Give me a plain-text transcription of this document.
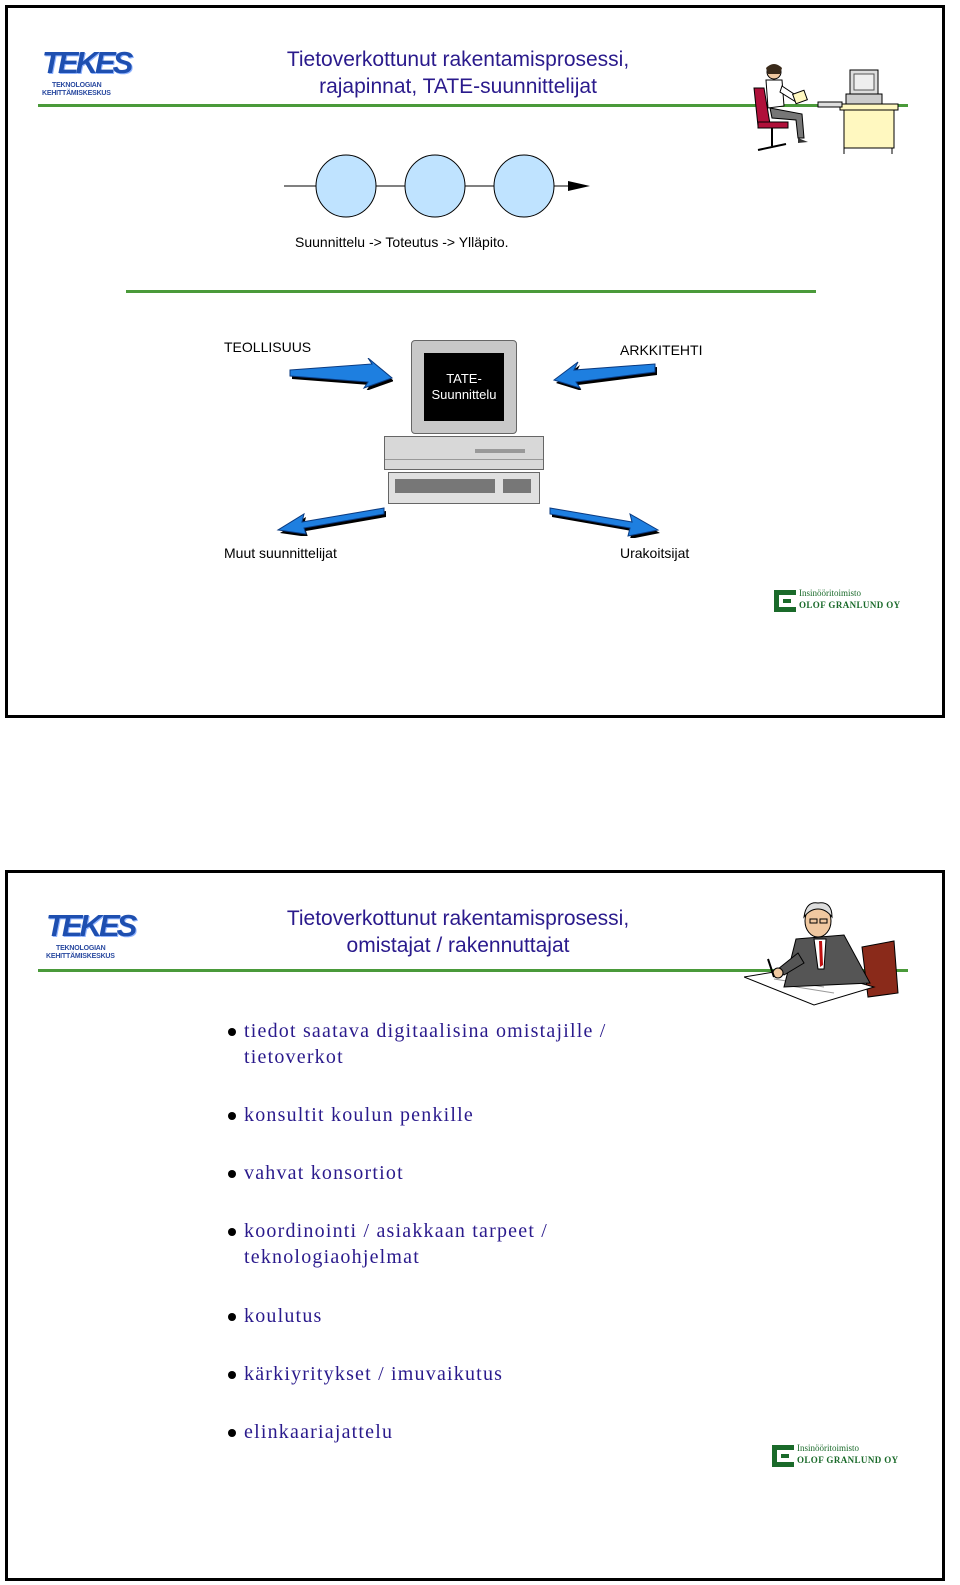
TEKES
TEKNOLOGIAN
KEHITTÄMISKESKUS
Tietoverkottunut rakentamisprosessi,
rajapinnat, TATE-suunnittelijat
Suunnittelu -> Toteutus -> Ylläpito.
TEOLLISUUS	ARKKITEHTI
Muut suunnittelijat	Urakoitsijat
TATE-
Suunnittelu
Insinööritoimisto
OLOF GRANLUND OY
TEKES
TEKNOLOGIAN
KEHITTÄMISKESKUS
Tietoverkottunut rakentamisprosessi,
omistajat / rakennuttajat
tiedot saatava digitaalisina omistajille /
tietoverkot
konsultit koulun penkille
vahvat konsortiot
koordinointi / asiakkaan tarpeet /
teknologiaohjelmat
koulutus
kärkiyritykset / imuvaikutus
elinkaariajattelu
Insinööritoimisto
OLOF GRANLUND OY
